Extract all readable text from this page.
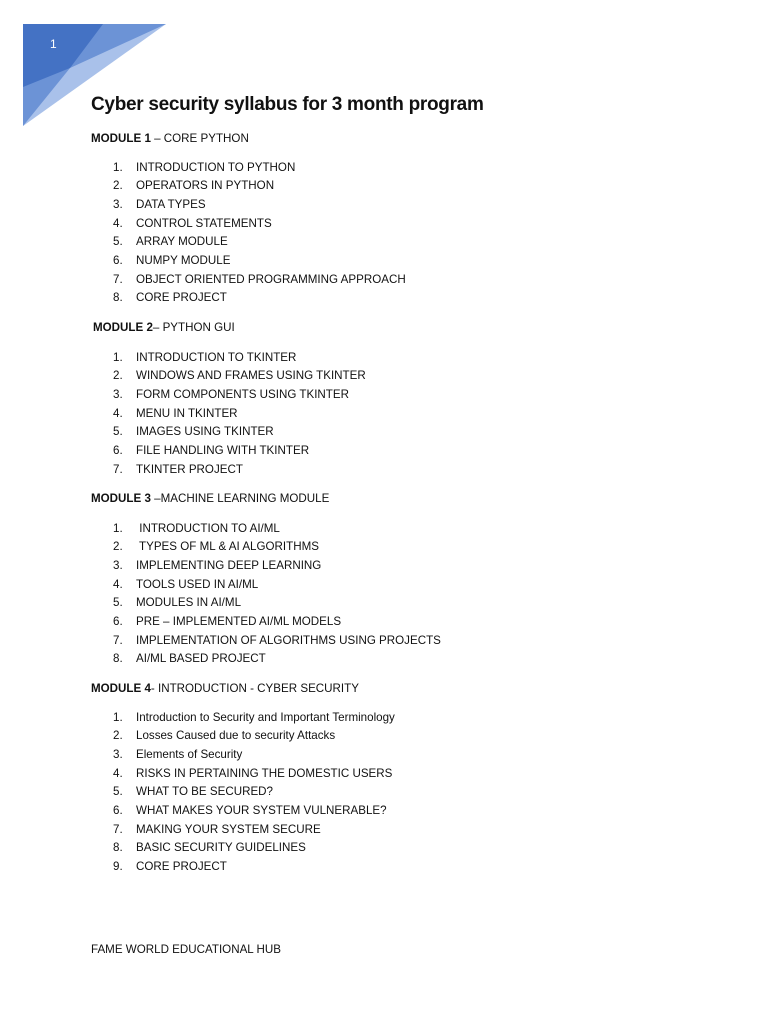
1
Cyber security syllabus for 3 month program
MODULE 1 – CORE PYTHON
1. INTRODUCTION TO PYTHON
2. OPERATORS IN PYTHON
3. DATA TYPES
4. CONTROL STATEMENTS
5. ARRAY MODULE
6. NUMPY MODULE
7. OBJECT ORIENTED PROGRAMMING APPROACH
8. CORE PROJECT
MODULE 2– PYTHON GUI
1. INTRODUCTION TO TKINTER
2. WINDOWS AND FRAMES USING TKINTER
3. FORM COMPONENTS USING TKINTER
4. MENU IN TKINTER
5. IMAGES USING TKINTER
6. FILE HANDLING WITH TKINTER
7. TKINTER PROJECT
MODULE 3 –MACHINE LEARNING MODULE
1. INTRODUCTION TO AI/ML
2. TYPES OF ML & AI ALGORITHMS
3. IMPLEMENTING DEEP LEARNING
4. TOOLS USED IN AI/ML
5. MODULES IN AI/ML
6. PRE – IMPLEMENTED AI/ML MODELS
7. IMPLEMENTATION OF ALGORITHMS USING PROJECTS
8. AI/ML BASED PROJECT
MODULE 4- INTRODUCTION - CYBER SECURITY
1. Introduction to Security and Important Terminology
2. Losses Caused due to security Attacks
3. Elements of Security
4. RISKS IN PERTAINING THE DOMESTIC USERS
5. WHAT TO BE SECURED?
6. WHAT MAKES YOUR SYSTEM VULNERABLE?
7. MAKING YOUR SYSTEM SECURE
8. BASIC SECURITY GUIDELINES
9. CORE PROJECT
FAME WORLD EDUCATIONAL HUB
